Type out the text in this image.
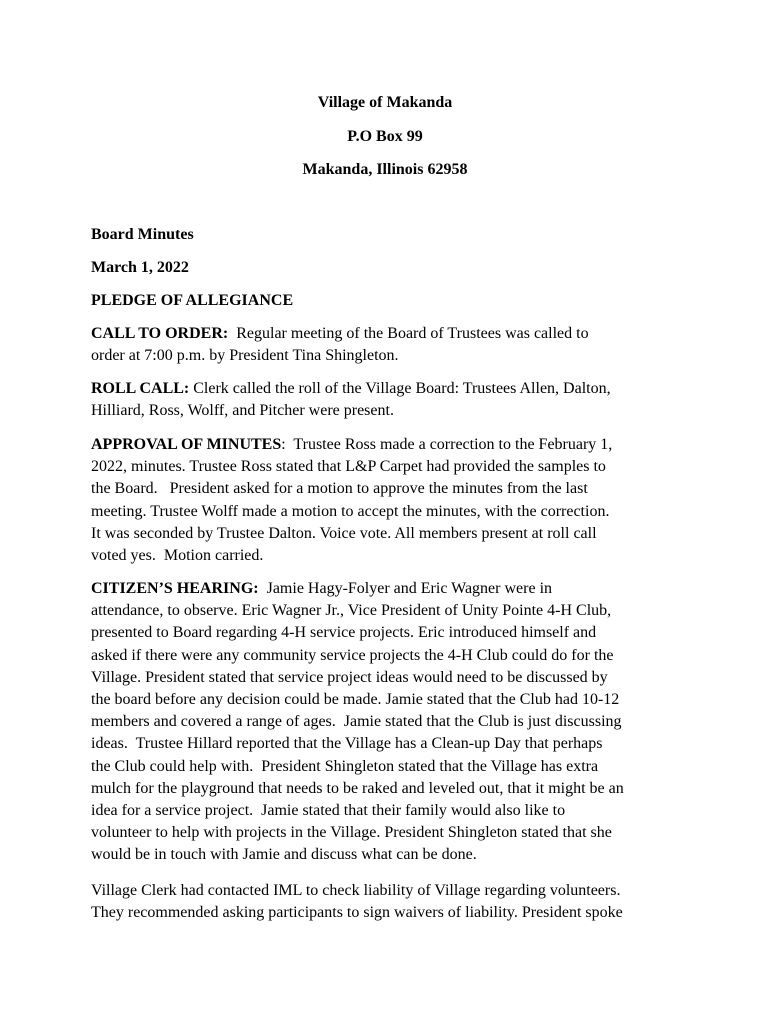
Village of Makanda
P.O Box 99
Makanda, Illinois 62958
Board Minutes
March 1, 2022
PLEDGE OF ALLEGIANCE
CALL TO ORDER:  Regular meeting of the Board of Trustees was called to
order at 7:00 p.m. by President Tina Shingleton.
ROLL CALL: Clerk called the roll of the Village Board: Trustees Allen, Dalton,
Hilliard, Ross, Wolff, and Pitcher were present.
APPROVAL OF MINUTES:  Trustee Ross made a correction to the February 1,
2022, minutes. Trustee Ross stated that L&P Carpet had provided the samples to
the Board.   President asked for a motion to approve the minutes from the last
meeting. Trustee Wolff made a motion to accept the minutes, with the correction.
It was seconded by Trustee Dalton. Voice vote. All members present at roll call
voted yes.  Motion carried.
CITIZEN’S HEARING:  Jamie Hagy-Folyer and Eric Wagner were in
attendance, to observe. Eric Wagner Jr., Vice President of Unity Pointe 4-H Club,
presented to Board regarding 4-H service projects. Eric introduced himself and
asked if there were any community service projects the 4-H Club could do for the
Village. President stated that service project ideas would need to be discussed by
the board before any decision could be made. Jamie stated that the Club had 10-12
members and covered a range of ages.  Jamie stated that the Club is just discussing
ideas.  Trustee Hillard reported that the Village has a Clean-up Day that perhaps
the Club could help with.  President Shingleton stated that the Village has extra
mulch for the playground that needs to be raked and leveled out, that it might be an
idea for a service project.  Jamie stated that their family would also like to
volunteer to help with projects in the Village. President Shingleton stated that she
would be in touch with Jamie and discuss what can be done.
Village Clerk had contacted IML to check liability of Village regarding volunteers.
They recommended asking participants to sign waivers of liability. President spoke
